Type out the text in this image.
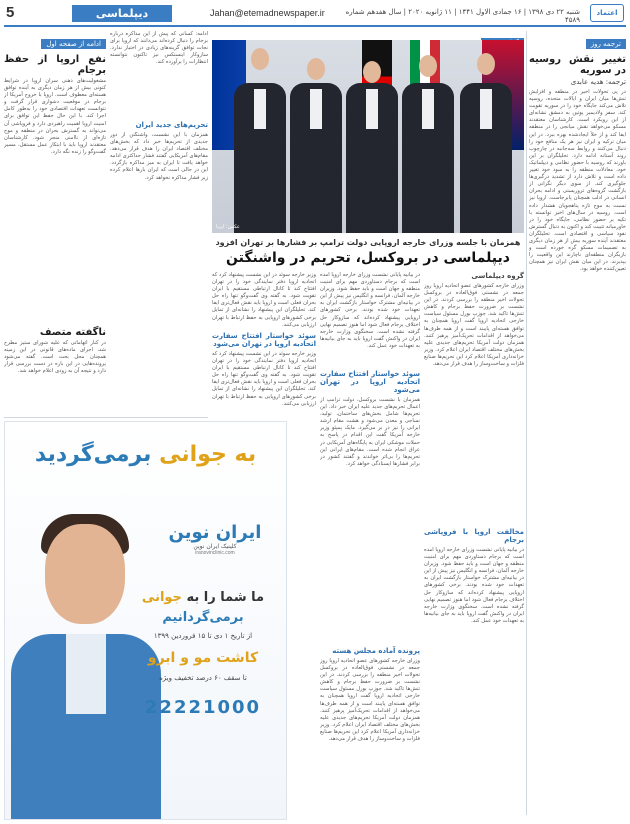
5	دیپلماسی	Jahan@etemadnewspaper.ir	شنبه ۲۲ دی ۱۳۹۸ | ۱۶ جمادی الاول ۱۴۴۱ | ۱۱ ژانویه ۲۰۲۰ | سال هفدهم شماره ۴۵۸۹
اعتماد
ترجمه روز
تغییر نقش روسیه در سوریه
ترجمه: هدیه عابدی
در پی تحولات اخیر در منطقه و افزایش تنش‌ها میان ایران و ایالات متحده، روسیه تلاش می‌کند جایگاه خود را در سوریه تقویت کند. سفر ولادیمیر پوتین به دمشق نشانه‌ای از این رویکرد است. کارشناسان معتقدند مسکو می‌خواهد نقش میانجی را در منطقه ایفا کند و از خلأ ایجادشده بهره ببرد. در این میان ترکیه و ایران نیز هر یک منافع خود را دنبال می‌کنند و روابط سه‌جانبه در چارچوب روند آستانه ادامه دارد. تحلیلگران بر این باورند که روسیه با حضور نظامی و دیپلماتیک خود، معادلات منطقه را به سود خود تغییر داده است و تلاش دارد از تشدید درگیری‌ها جلوگیری کند. از سوی دیگر نگرانی از بازگشت گروه‌های تروریستی و ادامه بحران انسانی در ادلب همچنان پابرجاست. اروپا نیز نسبت به موج تازه پناهجویان هشدار داده است. روسیه در سال‌های اخیر توانسته با تکیه بر حضور نظامی، جایگاه خود را در خاورمیانه تثبیت کند و اکنون به دنبال گسترش نفوذ سیاسی و اقتصادی است. تحلیلگران معتقدند آینده سوریه بیش از هر زمان دیگری به تصمیمات مسکو گره خورده است و بازیگران منطقه‌ای ناچارند این واقعیت را بپذیرند. در این میان نقش ایران نیز همچنان تعیین‌کننده خواهد بود.
عکس: ایرنا
همزمان با جلسه وزرای خارجه اروپایی دولت ترامپ بر فشارها بر تهران افزود
دیپلماسی در بروکسل، تحریم در واشنگتن
گروه دیپلماسی
وزرای خارجه کشورهای عضو اتحادیه اروپا روز جمعه در نشستی فوق‌العاده در بروکسل تحولات اخیر منطقه را بررسی کردند. در این نشست بر ضرورت حفظ برجام و کاهش تنش‌ها تاکید شد. جوزپ بورل مسئول سیاست خارجی اتحادیه اروپا گفت اروپا همچنان به توافق هسته‌ای پایبند است و از همه طرف‌ها می‌خواهد از اقدامات تحریک‌آمیز پرهیز کنند. همزمان دولت آمریکا تحریم‌های جدیدی علیه بخش‌های مختلف اقتصاد ایران اعلام کرد. وزیر خزانه‌داری آمریکا اعلام کرد این تحریم‌ها صنایع فلزات و ساخت‌وساز را هدف قرار می‌دهد.
مخالفت اروپا با فروپاشی برجام
در بیانیه پایانی نشست وزرای خارجه اروپا آمده است که برجام دستاوردی مهم برای امنیت منطقه و جهان است و باید حفظ شود. وزیران خارجه آلمان، فرانسه و انگلیس نیز پیش از این در بیانیه‌ای مشترک خواستار بازگشت ایران به تعهدات خود شده بودند. برخی کشورهای اروپایی پیشنهاد کرده‌اند که سازوکار حل اختلاف برجام فعال شود اما هنوز تصمیم نهایی گرفته نشده است. سخنگوی وزارت خارجه ایران در واکنش گفت اروپا باید به جای بیانیه‌ها به تعهدات خود عمل کند.
در بیانیه پایانی نشست وزرای خارجه اروپا آمده است که برجام دستاوردی مهم برای امنیت منطقه و جهان است و باید حفظ شود. وزیران خارجه آلمان، فرانسه و انگلیس نیز پیش از این در بیانیه‌ای مشترک خواستار بازگشت ایران به تعهدات خود شده بودند. برخی کشورهای اروپایی پیشنهاد کرده‌اند که سازوکار حل اختلاف برجام فعال شود اما هنوز تصمیم نهایی گرفته نشده است. سخنگوی وزارت خارجه ایران در واکنش گفت اروپا باید به جای بیانیه‌ها به تعهدات خود عمل کند.
سوئد خواستار افتتاح سفارت اتحادیه اروپا در تهران می‌شود
همزمان با نشست بروکسل، دولت ترامپ از اعمال تحریم‌های جدید علیه ایران خبر داد. این تحریم‌ها شامل بخش‌های ساختمان، تولید، نساجی و معدن می‌شود و هشت مقام ارشد ایرانی را نیز در بر می‌گیرد. مایک پمپئو وزیر خارجه آمریکا گفت این اقدام در پاسخ به حملات موشکی ایران به پایگاه‌های آمریکایی در عراق انجام شده است. مقام‌های ایرانی این تحریم‌ها را بی‌اثر خواندند و گفتند کشور در برابر فشارها ایستادگی خواهد کرد.
پرونده آماده مجلس هسته
وزرای خارجه کشورهای عضو اتحادیه اروپا روز جمعه در نشستی فوق‌العاده در بروکسل تحولات اخیر منطقه را بررسی کردند. در این نشست بر ضرورت حفظ برجام و کاهش تنش‌ها تاکید شد. جوزپ بورل مسئول سیاست خارجی اتحادیه اروپا گفت اروپا همچنان به توافق هسته‌ای پایبند است و از همه طرف‌ها می‌خواهد از اقدامات تحریک‌آمیز پرهیز کنند. همزمان دولت آمریکا تحریم‌های جدیدی علیه بخش‌های مختلف اقتصاد ایران اعلام کرد. وزیر خزانه‌داری آمریکا اعلام کرد این تحریم‌ها صنایع فلزات و ساخت‌وساز را هدف قرار می‌دهد.
وزیر خارجه سوئد در این نشست پیشنهاد کرد که اتحادیه اروپا دفتر نمایندگی خود را در تهران افتتاح کند تا کانال ارتباطی مستقیم با ایران تقویت شود. به گفته وی گفت‌وگو تنها راه حل بحران فعلی است و اروپا باید نقش فعال‌تری ایفا کند. تحلیلگران این پیشنهاد را نشانه‌ای از تمایل برخی کشورهای اروپایی به حفظ ارتباط با تهران ارزیابی می‌کنند.
سوئد خواستار افتتاح سفارت اتحادیه اروپا در تهران می‌شود
وزیر خارجه سوئد در این نشست پیشنهاد کرد که اتحادیه اروپا دفتر نمایندگی خود را در تهران افتتاح کند تا کانال ارتباطی مستقیم با ایران تقویت شود. به گفته وی گفت‌وگو تنها راه حل بحران فعلی است و اروپا باید نقش فعال‌تری ایفا کند. تحلیلگران این پیشنهاد را نشانه‌ای از تمایل برخی کشورهای اروپایی به حفظ ارتباط با تهران ارزیابی می‌کنند.
ادامه: کسانی که پیش از این مذاکره درباره برجام را دنبال کرده‌اند می‌دانند که اروپا برای نجات توافق گزینه‌های زیادی در اختیار ندارد. سازوکار اینستکس نیز تاکنون نتوانسته انتظارات را برآورده کند.
تحریم‌های جدید ایران
همزمان با این نشست، واشنگتن از دور جدیدی از تحریم‌ها خبر داد که بخش‌های مختلف اقتصاد ایران را هدف قرار می‌دهد. مقام‌های آمریکایی گفتند فشار حداکثری ادامه خواهد یافت تا ایران به میز مذاکره بازگردد. این در حالی است که ایران بارها اعلام کرده زیر فشار مذاکره نخواهد کرد.
ادامه از صفحه اول
نفع اروپا از حفظ برجام
مشغولیت‌های ذهنی سران اروپا در شرایط کنونی بیش از هر زمان دیگری به آینده توافق هسته‌ای معطوف است. اروپا با خروج آمریکا از برجام در موقعیت دشواری قرار گرفت و نتوانست تعهدات اقتصادی خود را به‌طور کامل اجرا کند. با این حال حفظ این توافق برای امنیت اروپا اهمیت راهبردی دارد و فروپاشی آن می‌تواند به گسترش بحران در منطقه و موج تازه‌ای از ناامنی منجر شود. کارشناسان معتقدند اروپا باید با ابتکار عمل مستقل، مسیر گفت‌وگو را زنده نگه دارد.
ناگفته متصف
در کنار اتهاماتی که علیه شورای ستیز مطرح شد، اجرای ماده‌های قانونی در این زمینه همچنان محل بحث است. گفته می‌شود پرونده‌هایی در این باره در دست بررسی قرار دارد و نتیجه آن به زودی اعلام خواهد شد.
به جوانی برمی‌گردید
ایران نوین
کلینیک ایران نوین
iranovinclinic.com
ما شما را به جوانی
برمی‌گردانیم
از تاریخ ۱ دی تا ۱۵ فروردین ۱۳۹۹
کاشت مو و ابرو
تا سقف ۶۰ درصد تخفیف ویژه
22221000
